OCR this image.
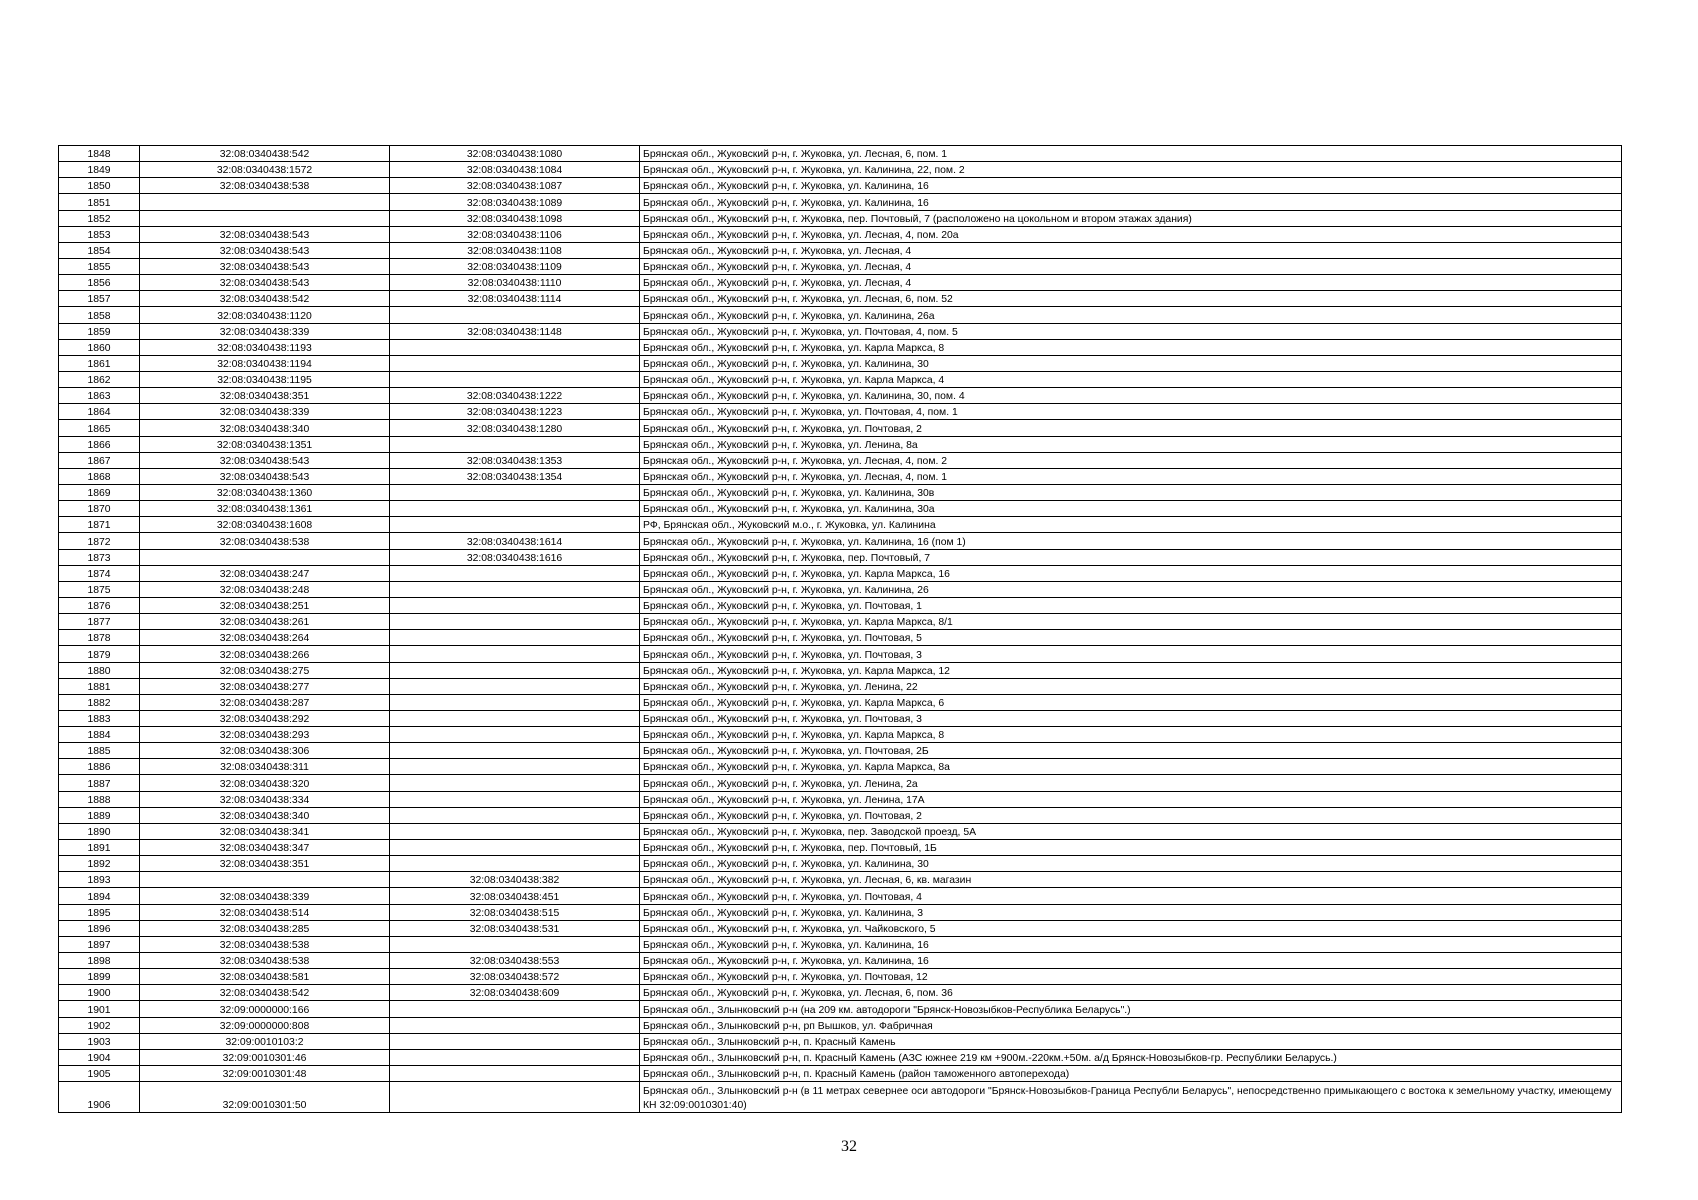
1848	32:08:0340438:542	32:08:0340438:1080	Брянская обл., Жуковский р-н, г. Жуковка, ул. Лесная, 6, пом. 1
1849	32:08:0340438:1572	32:08:0340438:1084	Брянская обл., Жуковский р-н, г. Жуковка, ул. Калинина, 22, пом. 2
1850	32:08:0340438:538	32:08:0340438:1087	Брянская обл., Жуковский р-н, г. Жуковка, ул. Калинина, 16
1851		32:08:0340438:1089	Брянская обл., Жуковский р-н, г. Жуковка, ул. Калинина, 16
1852		32:08:0340438:1098	Брянская обл., Жуковский р-н, г. Жуковка, пер. Почтовый, 7 (расположено на цокольном и втором этажах здания)
1853	32:08:0340438:543	32:08:0340438:1106	Брянская обл., Жуковский р-н, г. Жуковка, ул. Лесная, 4, пом. 20а
1854	32:08:0340438:543	32:08:0340438:1108	Брянская обл., Жуковский р-н, г. Жуковка, ул. Лесная, 4
1855	32:08:0340438:543	32:08:0340438:1109	Брянская обл., Жуковский р-н, г. Жуковка, ул. Лесная, 4
1856	32:08:0340438:543	32:08:0340438:1110	Брянская обл., Жуковский р-н, г. Жуковка, ул. Лесная, 4
1857	32:08:0340438:542	32:08:0340438:1114	Брянская обл., Жуковский р-н, г. Жуковка, ул. Лесная, 6, пом. 52
1858	32:08:0340438:1120		Брянская обл., Жуковский р-н, г. Жуковка, ул. Калинина, 26а
1859	32:08:0340438:339	32:08:0340438:1148	Брянская обл., Жуковский р-н, г. Жуковка, ул. Почтовая, 4, пом. 5
1860	32:08:0340438:1193		Брянская обл., Жуковский р-н, г. Жуковка, ул. Карла Маркса, 8
1861	32:08:0340438:1194		Брянская обл., Жуковский р-н, г. Жуковка, ул. Калинина, 30
1862	32:08:0340438:1195		Брянская обл., Жуковский р-н, г. Жуковка, ул. Карла Маркса, 4
1863	32:08:0340438:351	32:08:0340438:1222	Брянская обл., Жуковский р-н, г. Жуковка, ул. Калинина, 30, пом. 4
1864	32:08:0340438:339	32:08:0340438:1223	Брянская обл., Жуковский р-н, г. Жуковка, ул. Почтовая, 4, пом. 1
1865	32:08:0340438:340	32:08:0340438:1280	Брянская обл., Жуковский р-н, г. Жуковка, ул. Почтовая, 2
1866	32:08:0340438:1351		Брянская обл., Жуковский р-н, г. Жуковка, ул. Ленина, 8а
1867	32:08:0340438:543	32:08:0340438:1353	Брянская обл., Жуковский р-н, г. Жуковка, ул. Лесная, 4, пом. 2
1868	32:08:0340438:543	32:08:0340438:1354	Брянская обл., Жуковский р-н, г. Жуковка, ул. Лесная, 4, пом. 1
1869	32:08:0340438:1360		Брянская обл., Жуковский р-н, г. Жуковка, ул. Калинина, 30в
1870	32:08:0340438:1361		Брянская обл., Жуковский р-н, г. Жуковка, ул. Калинина, 30а
1871	32:08:0340438:1608		РФ, Брянская обл., Жуковский м.о., г. Жуковка, ул. Калинина
1872	32:08:0340438:538	32:08:0340438:1614	Брянская обл., Жуковский р-н, г. Жуковка, ул. Калинина, 16 (пом 1)
1873		32:08:0340438:1616	Брянская обл., Жуковский р-н, г. Жуковка, пер. Почтовый, 7
1874	32:08:0340438:247		Брянская обл., Жуковский р-н, г. Жуковка, ул. Карла Маркса, 16
1875	32:08:0340438:248		Брянская обл., Жуковский р-н, г. Жуковка, ул. Калинина, 26
1876	32:08:0340438:251		Брянская обл., Жуковский р-н, г. Жуковка, ул. Почтовая, 1
1877	32:08:0340438:261		Брянская обл., Жуковский р-н, г. Жуковка, ул. Карла Маркса, 8/1
1878	32:08:0340438:264		Брянская обл., Жуковский р-н, г. Жуковка, ул. Почтовая, 5
1879	32:08:0340438:266		Брянская обл., Жуковский р-н, г. Жуковка, ул. Почтовая, 3
1880	32:08:0340438:275		Брянская обл., Жуковский р-н, г. Жуковка, ул. Карла Маркса, 12
1881	32:08:0340438:277		Брянская обл., Жуковский р-н, г. Жуковка, ул. Ленина, 22
1882	32:08:0340438:287		Брянская обл., Жуковский р-н, г. Жуковка, ул. Карла Маркса, 6
1883	32:08:0340438:292		Брянская обл., Жуковский р-н, г. Жуковка, ул. Почтовая, 3
1884	32:08:0340438:293		Брянская обл., Жуковский р-н, г. Жуковка, ул. Карла Маркса, 8
1885	32:08:0340438:306		Брянская обл., Жуковский р-н, г. Жуковка, ул. Почтовая, 2Б
1886	32:08:0340438:311		Брянская обл., Жуковский р-н, г. Жуковка, ул. Карла Маркса, 8а
1887	32:08:0340438:320		Брянская обл., Жуковский р-н, г. Жуковка, ул. Ленина, 2а
1888	32:08:0340438:334		Брянская обл., Жуковский р-н, г. Жуковка, ул. Ленина, 17А
1889	32:08:0340438:340		Брянская обл., Жуковский р-н, г. Жуковка, ул. Почтовая, 2
1890	32:08:0340438:341		Брянская обл., Жуковский р-н, г. Жуковка, пер. Заводской проезд, 5А
1891	32:08:0340438:347		Брянская обл., Жуковский р-н, г. Жуковка, пер. Почтовый, 1Б
1892	32:08:0340438:351		Брянская обл., Жуковский р-н, г. Жуковка, ул. Калинина, 30
1893		32:08:0340438:382	Брянская обл., Жуковский р-н, г. Жуковка, ул. Лесная, 6, кв. магазин
1894	32:08:0340438:339	32:08:0340438:451	Брянская обл., Жуковский р-н, г. Жуковка, ул. Почтовая, 4
1895	32:08:0340438:514	32:08:0340438:515	Брянская обл., Жуковский р-н, г. Жуковка, ул. Калинина, 3
1896	32:08:0340438:285	32:08:0340438:531	Брянская обл., Жуковский р-н, г. Жуковка, ул. Чайковского, 5
1897	32:08:0340438:538		Брянская обл., Жуковский р-н, г. Жуковка, ул. Калинина, 16
1898	32:08:0340438:538	32:08:0340438:553	Брянская обл., Жуковский р-н, г. Жуковка, ул. Калинина, 16
1899	32:08:0340438:581	32:08:0340438:572	Брянская обл., Жуковский р-н, г. Жуковка, ул. Почтовая, 12
1900	32:08:0340438:542	32:08:0340438:609	Брянская обл., Жуковский р-н, г. Жуковка, ул. Лесная, 6, пом. 36
1901	32:09:0000000:166		Брянская обл., Злынковский р-н (на 209 км. автодороги "Брянск-Новозыбков-Республика Беларусь".)
1902	32:09:0000000:808		Брянская обл., Злынковский р-н, рп Вышков, ул. Фабричная
1903	32:09:0010103:2		Брянская обл., Злынковский р-н, п. Красный Камень
1904	32:09:0010301:46		Брянская обл., Злынковский р-н, п. Красный Камень (АЗС южнее 219 км +900м.-220км.+50м. а/д Брянск-Новозыбков-гр. Республики Беларусь.)
1905	32:09:0010301:48		Брянская обл., Злынковский р-н, п. Красный Камень (район таможенного автоперехода)
1906	32:09:0010301:50		Брянская обл., Злынковский р-н (в 11 метрах севернее оси автодороги "Брянск-Новозыбков-Граница Республи Беларусь", непосредственно примыкающего с востока к земельному участку, имеющему КН 32:09:0010301:40)
32
